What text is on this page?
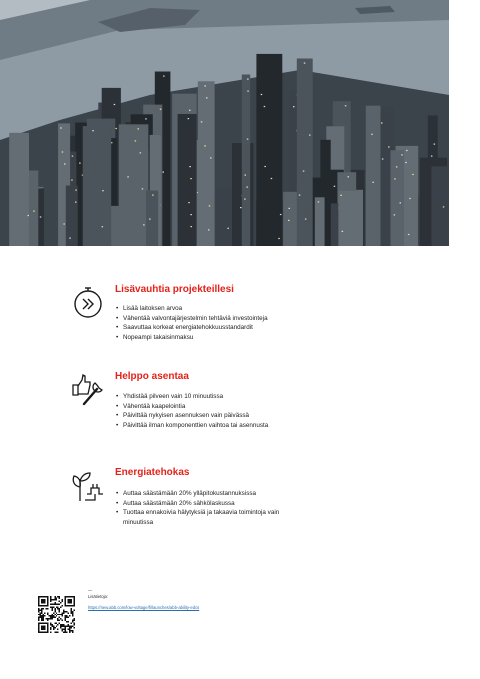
Lisävauhtia projekteillesi
• Lisää laitoksen arvoa
• Vähentää valvontajärjestelmin tehtäviä investointeja
• Saavuttaa korkeat energiatehokkuusstandardit
• Nopeampi takaisinmaksu
Helppo asentaa
• Yhdistää pilveen vain 10 minuutissa
• Vähentää kaapelointia
• Päivittää nykyisen asennuksen vain päivässä
• Päivittää ilman komponenttien vaihtoa tai asennusta
Energiatehokas
• Auttaa säästämään 20% ylläpitokustannuksissa
• Auttaa säästämään 20% sähkölaskussa
• Tuottaa ennakoivia hälytyksiä ja takaavia toimintoja vain minuutissa
—
Lisätietoja:
https://new.abb.com/low-voltage/fi/launches/abb-ability-edcs
